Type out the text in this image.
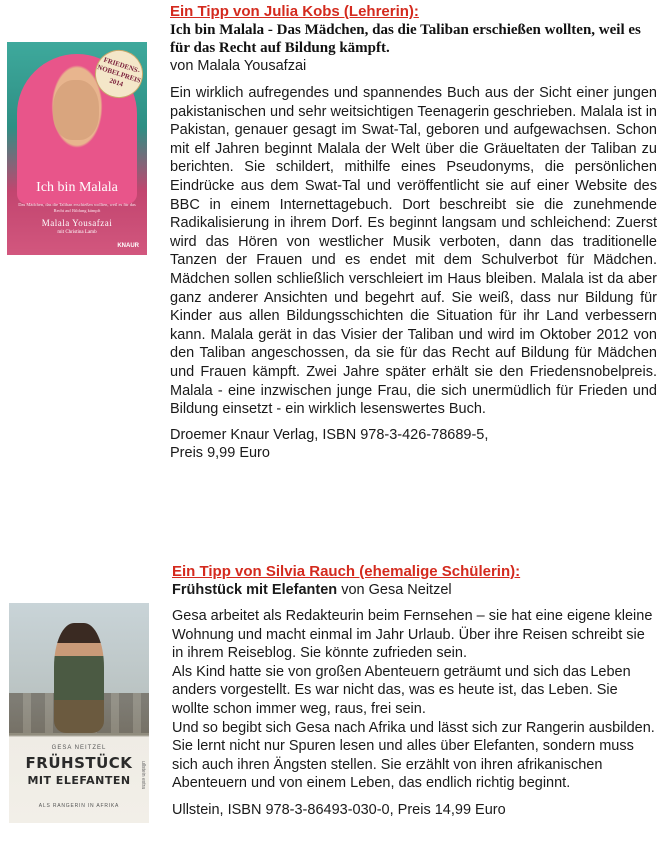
FRIEDENS-NOBELPREIS 2014
Ich bin Malala
Das Mädchen, das die Taliban erschießen wollten, weil es für das Recht auf Bildung kämpft
Malala Yousafzai
mit Christina Lamb
KNAUR
Ein Tipp von Julia Kobs (Lehrerin):
Ich bin Malala - Das Mädchen, das die Taliban erschießen wollten, weil es für das Recht auf Bildung kämpft.
von Malala Yousafzai
Ein wirklich aufregendes und spannendes Buch aus der Sicht einer jungen pakistanischen und sehr weitsichtigen Teenagerin geschrieben. Malala ist in Pakistan, genauer gesagt im Swat-Tal, geboren und aufgewachsen. Schon mit elf Jahren beginnt Malala der Welt über die Gräueltaten der Taliban zu berichten. Sie schildert, mithilfe eines Pseudonyms, die persönlichen Eindrücke aus dem Swat-Tal und veröffentlicht sie auf einer Website des BBC in einem Internettagebuch. Dort beschreibt sie die zunehmende Radikalisierung in ihrem Dorf. Es beginnt langsam und schleichend: Zuerst wird das Hören von westlicher Musik verboten, dann das traditionelle Tanzen der Frauen und es endet mit dem Schulverbot für Mädchen. Mädchen sollen schließlich verschleiert im Haus bleiben. Malala ist da aber ganz anderer Ansichten und begehrt auf. Sie weiß, dass nur Bildung für Kinder aus allen Bildungsschichten die Situation für ihr Land verbessern kann. Malala gerät in das Visier der Taliban und wird im Oktober 2012 von den Taliban angeschossen, da sie für das Recht auf Bildung für Mädchen und Frauen kämpft. Zwei Jahre später erhält sie den Friedensnobelpreis. Malala - eine inzwischen junge Frau, die sich unermüdlich für Frieden und Bildung einsetzt - ein wirklich lesenswertes Buch.
Droemer Knaur Verlag, ISBN 978-3-426-78689-5,
Preis 9,99 Euro
GESA NEITZEL
FRÜHSTÜCK
MIT ELEFANTEN
ALS RANGERIN IN AFRIKA
ullstein extra
Ein Tipp von Silvia Rauch (ehemalige Schülerin):
Frühstück mit Elefanten von Gesa Neitzel

Gesa arbeitet als Redakteurin beim Fernsehen – sie hat eine eigene kleine Wohnung und macht einmal im Jahr Urlaub. Über ihre Reisen schreibt sie in ihrem Reiseblog. Sie könnte zufrieden sein.

Als Kind hatte sie von großen Abenteuern geträumt und sich das Leben anders vorgestellt. Es war nicht das, was es heute ist, das Leben. Sie wollte schon immer weg, raus, frei sein.

Und so begibt sich Gesa nach Afrika und lässt sich zur Rangerin ausbilden. Sie lernt nicht nur Spuren lesen und alles über Elefanten, sondern muss sich auch ihren Ängsten stellen. Sie erzählt von ihren afrikanischen Abenteuern und von einem Leben, das endlich richtig beginnt.

Ullstein, ISBN 978-3-86493-030-0, Preis 14,99 Euro
